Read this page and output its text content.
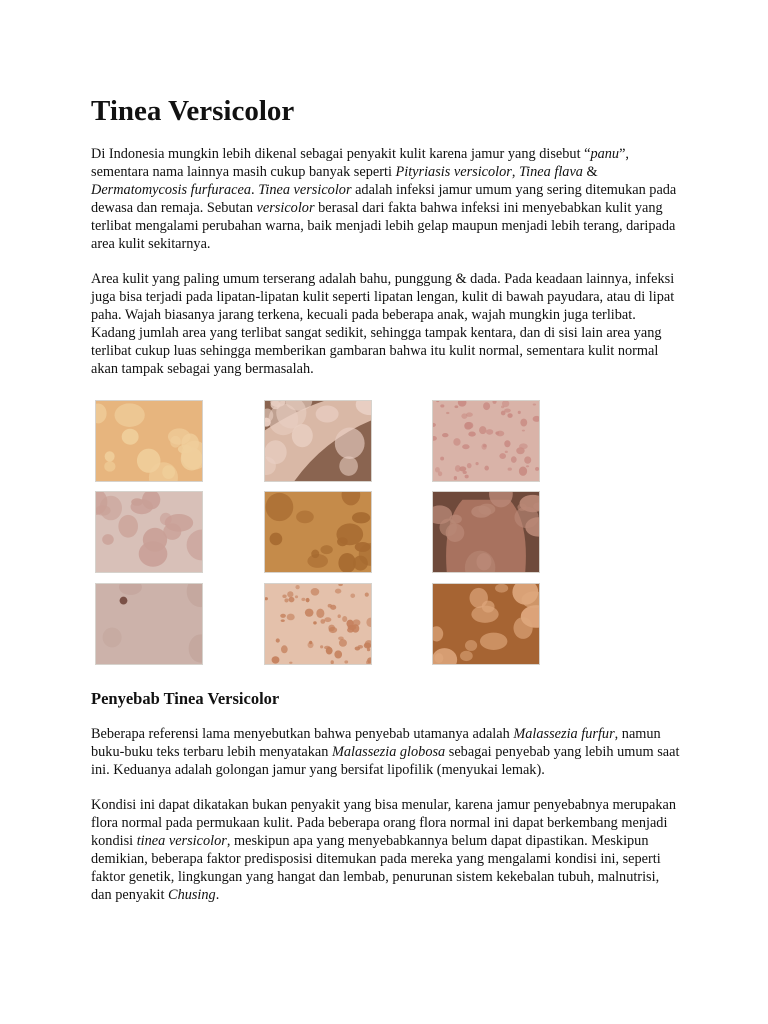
Tinea Versicolor

Di Indonesia mungkin lebih dikenal sebagai penyakit kulit karena jamur yang disebut “panu”, sementara nama lainnya masih cukup banyak seperti Pityriasis versicolor, Tinea flava & Dermatomycosis furfuracea. Tinea versicolor adalah infeksi jamur umum yang sering ditemukan pada dewasa dan remaja. Sebutan versicolor berasal dari fakta bahwa infeksi ini menyebabkan kulit yang terlibat mengalami perubahan warna, baik menjadi lebih gelap maupun menjadi lebih terang, daripada area kulit sekitarnya.

Area kulit yang paling umum terserang adalah bahu, punggung & dada. Pada keadaan lainnya, infeksi juga bisa terjadi pada lipatan-lipatan kulit seperti lipatan lengan, kulit di bawah payudara, atau di lipat paha. Wajah biasanya jarang terkena, kecuali pada beberapa anak, wajah mungkin juga terlibat. Kadang jumlah area yang terlibat sangat sedikit, sehingga tampak kentara, dan di sisi lain area yang terlibat cukup luas sehingga memberikan gambaran bahwa itu kulit normal, sementara kulit normal akan tampak sebagai yang bermasalah.

Penyebab Tinea Versicolor

Beberapa referensi lama menyebutkan bahwa penyebab utamanya adalah Malassezia furfur, namun buku-buku teks terbaru lebih menyatakan Malassezia globosa sebagai penyebab yang lebih umum saat ini. Keduanya adalah golongan jamur yang bersifat lipofilik (menyukai lemak).

Kondisi ini dapat dikatakan bukan penyakit yang bisa menular, karena jamur penyebabnya merupakan flora normal pada permukaan kulit. Pada beberapa orang flora normal ini dapat berkembang menjadi kondisi tinea versicolor, meskipun apa yang menyebabkannya belum dapat dipastikan. Meskipun demikian, beberapa faktor predisposisi ditemukan pada mereka yang mengalami kondisi ini, seperti faktor genetik, lingkungan yang hangat dan lembab, penurunan sistem kekebalan tubuh, malnutrisi, dan penyakit Chusing.
